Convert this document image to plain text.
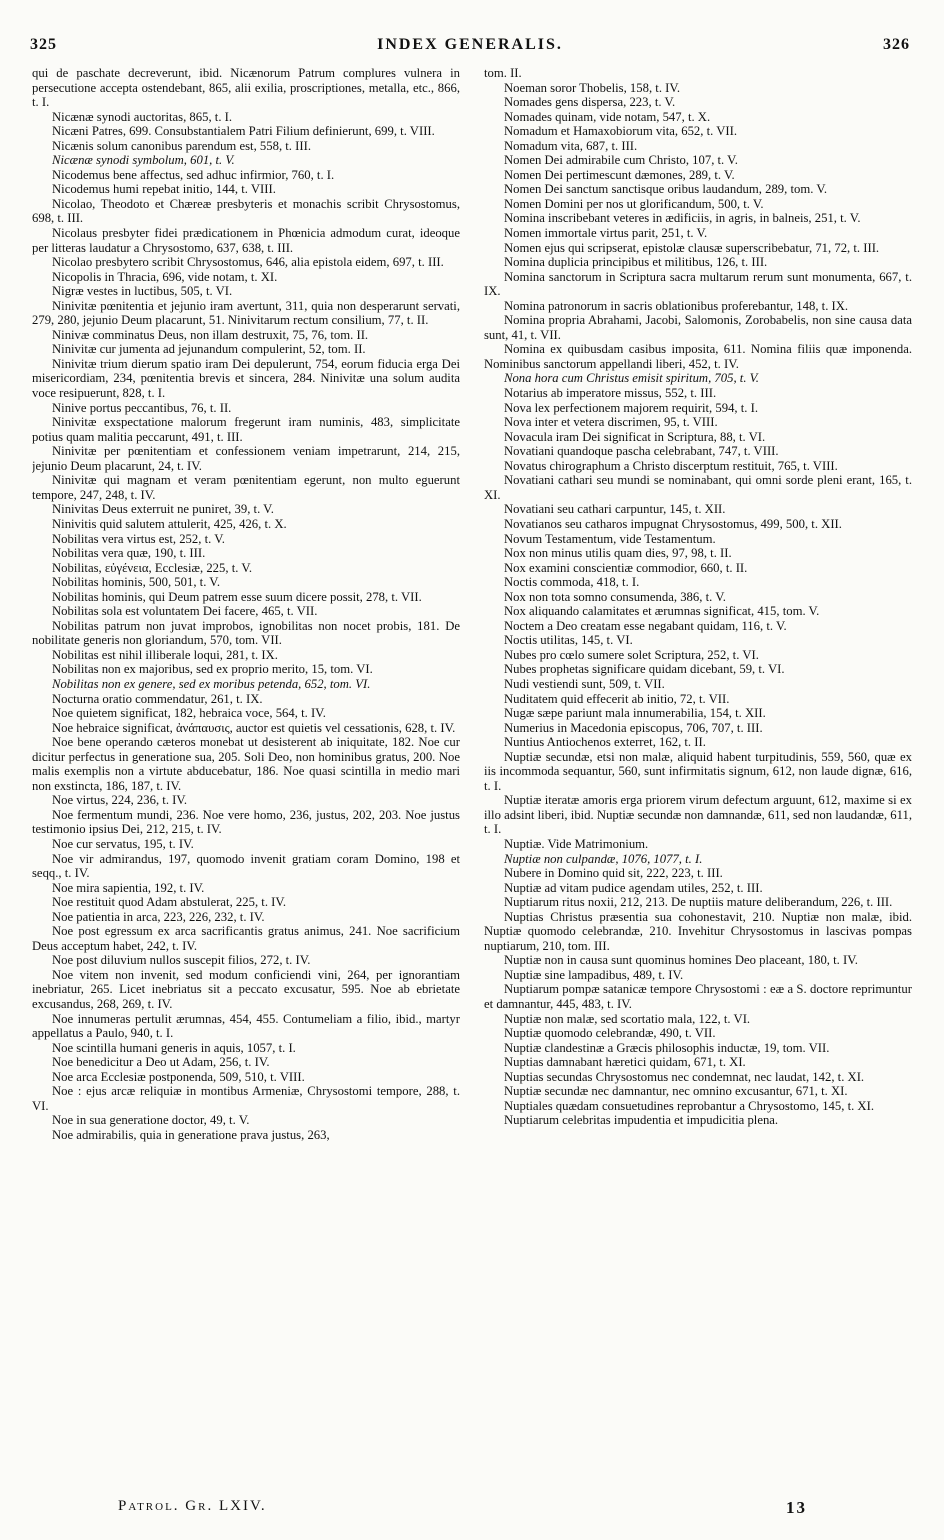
325	INDEX GENERALIS.	326

qui de paschate decreverunt, ibid. Nicænorum Patrum complures vulnera in persecutione accepta ostendebant, 865, alii exilia, proscriptiones, metalla, etc., 866, t. I.

Nicænæ synodi auctoritas, 865, t. I.

Nicæni Patres, 699. Consubstantialem Patri Filium definierunt, 699, t. VIII.

Nicænis solum canonibus parendum est, 558, t. III.

Nicænæ synodi symbolum, 601, t. V.

Nicodemus bene affectus, sed adhuc infirmior, 760, t. I.

Nicodemus humi repebat initio, 144, t. VIII.

Nicolao, Theodoto et Chæreæ presbyteris et monachis scribit Chrysostomus, 698, t. III.

Nicolaus presbyter fidei prædicationem in Phœnicia admodum curat, ideoque per litteras laudatur a Chrysostomo, 637, 638, t. III.

Nicolao presbytero scribit Chrysostomus, 646, alia epistola eidem, 697, t. III.

Nicopolis in Thracia, 696, vide notam, t. XI.

Nigræ vestes in luctibus, 505, t. VI.

Ninivitæ pœnitentia et jejunio iram avertunt, 311, quia non desperarunt servati, 279, 280, jejunio Deum placarunt, 51. Ninivitarum rectum consilium, 77, t. II.

Ninivæ comminatus Deus, non illam destruxit, 75, 76, tom. II.

Ninivitæ cur jumenta ad jejunandum compulerint, 52, tom. II.

Ninivitæ trium dierum spatio iram Dei depulerunt, 754, eorum fiducia erga Dei misericordiam, 234, pœnitentia brevis et sincera, 284. Ninivitæ una solum audita voce resipuerunt, 828, t. I.

Ninive portus peccantibus, 76, t. II.

Ninivitæ exspectatione malorum fregerunt iram numinis, 483, simplicitate potius quam malitia peccarunt, 491, t. III.

Ninivitæ per pœnitentiam et confessionem veniam impetrarunt, 214, 215, jejunio Deum placarunt, 24, t. IV.

Ninivitæ qui magnam et veram pœnitentiam egerunt, non multo eguerunt tempore, 247, 248, t. IV.

Ninivitas Deus exterruit ne puniret, 39, t. V.

Ninivitis quid salutem attulerit, 425, 426, t. X.

Nobilitas vera virtus est, 252, t. V.

Nobilitas vera quæ, 190, t. III.

Nobilitas, εὐγένεια, Ecclesiæ, 225, t. V.

Nobilitas hominis, 500, 501, t. V.

Nobilitas hominis, qui Deum patrem esse suum dicere possit, 278, t. VII.

Nobilitas sola est voluntatem Dei facere, 465, t. VII.

Nobilitas patrum non juvat improbos, ignobilitas non nocet probis, 181. De nobilitate generis non gloriandum, 570, tom. VII.

Nobilitas est nihil illiberale loqui, 281, t. IX.

Nobilitas non ex majoribus, sed ex proprio merito, 15, tom. VI.

Nobilitas non ex genere, sed ex moribus petenda, 652, tom. VI.

Nocturna oratio commendatur, 261, t. IX.

Noe quietem significat, 182, hebraica voce, 564, t. IV.

Noe hebraice significat, ἀνάπαυσις, auctor est quietis vel cessationis, 628, t. IV.

Noe bene operando cæteros monebat ut desisterent ab iniquitate, 182. Noe cur dicitur perfectus in generatione sua, 205. Soli Deo, non hominibus gratus, 200. Noe malis exemplis non a virtute abducebatur, 186. Noe quasi scintilla in medio mari non exstincta, 186, 187, t. IV.

Noe virtus, 224, 236, t. IV.

Noe fermentum mundi, 236. Noe vere homo, 236, justus, 202, 203. Noe justus testimonio ipsius Dei, 212, 215, t. IV.

Noe cur servatus, 195, t. IV.

Noe vir admirandus, 197, quomodo invenit gratiam coram Domino, 198 et seqq., t. IV.

Noe mira sapientia, 192, t. IV.

Noe restituit quod Adam abstulerat, 225, t. IV.

Noe patientia in arca, 223, 226, 232, t. IV.

Noe post egressum ex arca sacrificantis gratus animus, 241. Noe sacrificium Deus acceptum habet, 242, t. IV.

Noe post diluvium nullos suscepit filios, 272, t. IV.

Noe vitem non invenit, sed modum conficiendi vini, 264, per ignorantiam inebriatur, 265. Licet inebriatus sit a peccato excusatur, 595. Noe ab ebrietate excusandus, 268, 269, t. IV.

Noe innumeras pertulit ærumnas, 454, 455. Contumeliam a filio, ibid., martyr appellatus a Paulo, 940, t. I.

Noe scintilla humani generis in aquis, 1057, t. I.

Noe benedicitur a Deo ut Adam, 256, t. IV.

Noe arca Ecclesiæ postponenda, 509, 510, t. VIII.

Noe : ejus arcæ reliquiæ in montibus Armeniæ, Chrysostomi tempore, 288, t. VI.

Noe in sua generatione doctor, 49, t. V.

Noe admirabilis, quia in generatione prava justus, 263,

tom. II.

Noeman soror Thobelis, 158, t. IV.

Nomades gens dispersa, 223, t. V.

Nomades quinam, vide notam, 547, t. X.

Nomadum et Hamaxobiorum vita, 652, t. VII.

Nomadum vita, 687, t. III.

Nomen Dei admirabile cum Christo, 107, t. V.

Nomen Dei pertimescunt dæmones, 289, t. V.

Nomen Dei sanctum sanctisque oribus laudandum, 289, tom. V.

Nomen Domini per nos ut glorificandum, 500, t. V.

Nomina inscribebant veteres in ædificiis, in agris, in balneis, 251, t. V.

Nomen immortale virtus parit, 251, t. V.

Nomen ejus qui scripserat, epistolæ clausæ superscribebatur, 71, 72, t. III.

Nomina duplicia principibus et militibus, 126, t. III.

Nomina sanctorum in Scriptura sacra multarum rerum sunt monumenta, 667, t. IX.

Nomina patronorum in sacris oblationibus proferebantur, 148, t. IX.

Nomina propria Abrahami, Jacobi, Salomonis, Zorobabelis, non sine causa data sunt, 41, t. VII.

Nomina ex quibusdam casibus imposita, 611. Nomina filiis quæ imponenda. Nominibus sanctorum appellandi liberi, 452, t. IV.

Nona hora cum Christus emisit spiritum, 705, t. V.

Notarius ab imperatore missus, 552, t. III.

Nova lex perfectionem majorem requirit, 594, t. I.

Nova inter et vetera discrimen, 95, t. VIII.

Novacula iram Dei significat in Scriptura, 88, t. VI.

Novatiani quandoque pascha celebrabant, 747, t. VIII.

Novatus chirographum a Christo discerptum restituit, 765, t. VIII.

Novatiani cathari seu mundi se nominabant, qui omni sorde pleni erant, 165, t. XI.

Novatiani seu cathari carpuntur, 145, t. XII.

Novatianos seu catharos impugnat Chrysostomus, 499, 500, t. XII.

Novum Testamentum, vide Testamentum.

Nox non minus utilis quam dies, 97, 98, t. II.

Nox examini conscientiæ commodior, 660, t. II.

Noctis commoda, 418, t. I.

Nox non tota somno consumenda, 386, t. V.

Nox aliquando calamitates et ærumnas significat, 415, tom. V.

Noctem a Deo creatam esse negabant quidam, 116, t. V.

Noctis utilitas, 145, t. VI.

Nubes pro cœlo sumere solet Scriptura, 252, t. VI.

Nubes prophetas significare quidam dicebant, 59, t. VI.

Nudi vestiendi sunt, 509, t. VII.

Nuditatem quid effecerit ab initio, 72, t. VII.

Nugæ sæpe pariunt mala innumerabilia, 154, t. XII.

Numerius in Macedonia episcopus, 706, 707, t. III.

Nuntius Antiochenos exterret, 162, t. II.

Nuptiæ secundæ, etsi non malæ, aliquid habent turpitudinis, 559, 560, quæ ex iis incommoda sequantur, 560, sunt infirmitatis signum, 612, non laude dignæ, 616, t. I.

Nuptiæ iteratæ amoris erga priorem virum defectum arguunt, 612, maxime si ex illo adsint liberi, ibid. Nuptiæ secundæ non damnandæ, 611, sed non laudandæ, 611, t. I.

Nuptiæ. Vide Matrimonium.

Nuptiæ non culpandæ, 1076, 1077, t. I.

Nubere in Domino quid sit, 222, 223, t. III.

Nuptiæ ad vitam pudice agendam utiles, 252, t. III.

Nuptiarum ritus noxii, 212, 213. De nuptiis mature deliberandum, 226, t. III.

Nuptias Christus præsentia sua cohonestavit, 210. Nuptiæ non malæ, ibid. Nuptiæ quomodo celebrandæ, 210. Invehitur Chrysostomus in lascivas pompas nuptiarum, 210, tom. III.

Nuptiæ non in causa sunt quominus homines Deo placeant, 180, t. IV.

Nuptiæ sine lampadibus, 489, t. IV.

Nuptiarum pompæ satanicæ tempore Chrysostomi : eæ a S. doctore reprimuntur et damnantur, 445, 483, t. IV.

Nuptiæ non malæ, sed scortatio mala, 122, t. VI.

Nuptiæ quomodo celebrandæ, 490, t. VII.

Nuptiæ clandestinæ a Græcis philosophis inductæ, 19, tom. VII.

Nuptias damnabant hæretici quidam, 671, t. XI.

Nuptias secundas Chrysostomus nec condemnat, nec laudat, 142, t. XI.

Nuptiæ secundæ nec damnantur, nec omnino excusantur, 671, t. XI.

Nuptiales quædam consuetudines reprobantur a Chrysostomo, 145, t. XI.

Nuptiarum celebritas impudentia et impudicitia plena.

Patrol. Gr. LXIV.	13
